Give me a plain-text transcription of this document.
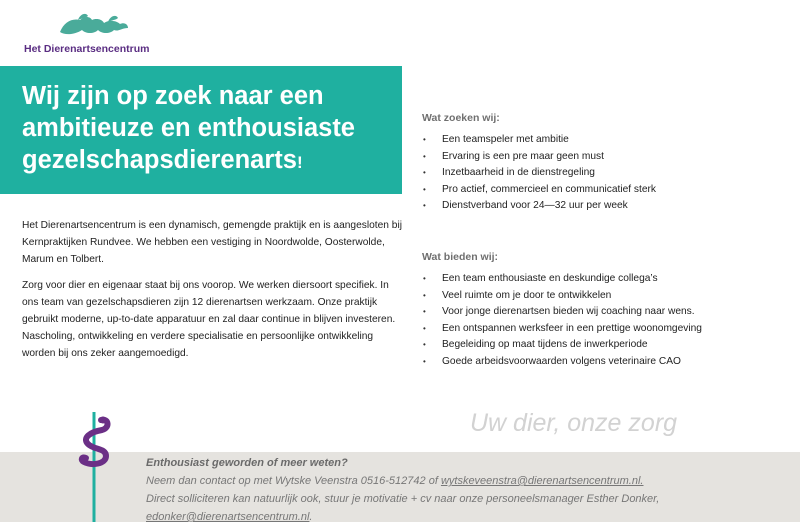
Het Dierenartsencentrum
Wij zijn op zoek naar een
ambitieuze en enthousiaste
gezelschapsdierenarts!

Het Dierenartsencentrum is een dynamisch, gemengde praktijk en is aangesloten bij Kernpraktijken Rundvee. We hebben een vestiging in Noordwolde, Oosterwolde, Marum en Tolbert.

Zorg voor dier en eigenaar staat bij ons voorop. We werken diersoort specifiek. In ons team van gezelschapsdieren zijn 12 dierenartsen werkzaam. Onze praktijk gebruikt moderne, up-to-date apparatuur en zal daar continue in blijven investeren. Nascholing, ontwikkeling en verdere specialisatie en persoonlijke ontwikkeling worden bij ons zeker aangemoedigd.

Wat zoeken wij:
• Een teamspeler met ambitie
• Ervaring is een pre maar geen must
• Inzetbaarheid in de dienstregeling
• Pro actief, commercieel en communicatief sterk
• Dienstverband voor 24—32 uur per week
Wat bieden wij:
• Een team enthousiaste en deskundige collega’s
• Veel ruimte om je door te ontwikkelen
• Voor jonge dierenartsen bieden wij coaching naar wens.
• Een ontspannen werksfeer in een prettige woonomgeving
• Begeleiding op maat tijdens de inwerkperiode
• Goede arbeidsvoorwaarden volgens veterinaire CAO
Uw dier, onze zorg
Enthousiast geworden of meer weten?
Neem dan contact op met Wytske Veenstra 0516-512742 of wytskeveenstra@dierenartsencentrum.nl.
Direct solliciteren kan natuurlijk ook, stuur je motivatie + cv naar onze personeelsmanager Esther Donker,
edonker@dierenartsencentrum.nl.
